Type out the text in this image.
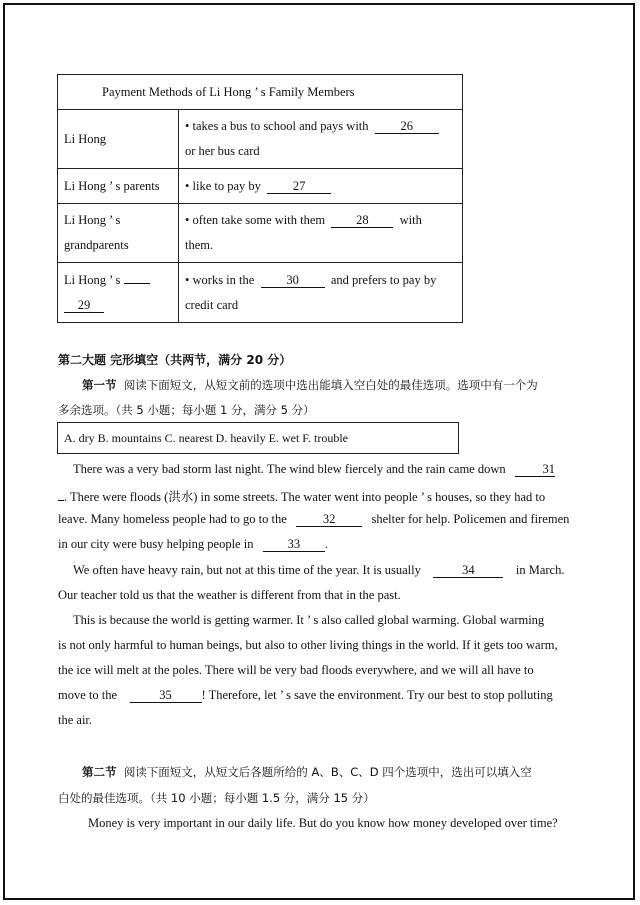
Payment Methods of Li Hong ’ s Family Members	
Li Hong	• takes a bus to school and pays with 26
or her bus card

Li Hong ’ s parents	• like to pay by 27

Li Hong ’ s
grandparents	• often take some with them 28 with
them.

Li Hong ’ s
29	• works in the 30 and prefers to pay by
credit card
第二大题 完形填空（共两节，满分 20 分）
第一节 阅读下面短文，从短文前的选项中选出能填入空白处的最佳选项。选项中有一个为
多余选项。（共 5 小题；每小题 1 分，满分 5 分）
A. dry B. mountains C. nearest D. heavily E. wet F. trouble
There was a very bad storm last night. The wind blew fiercely and the rain came down	31
. There were floods (洪水) in some streets. The water went into people ’ s houses, so they had to
leave. Many homeless people had to go to the	32	shelter for help. Policemen and firemen
in our city were busy helping people in	33 .
We often have heavy rain, but not at this time of the year. It is usually	34	in March.
Our teacher told us that the weather is different from that in the past.
This is because the world is getting warmer. It ’ s also called global warming. Global warming
is not only harmful to human beings, but also to other living things in the world. If it gets too warm,
the ice will melt at the poles. There will be very bad floods everywhere, and we will all have to
move to the	35 ! Therefore, let ’ s save the environment. Try our best to stop polluting
the air.
第二节 阅读下面短文，从短文后各题所给的 A、B、C、D 四个选项中，选出可以填入空
白处的最佳选项。（共 10 小题；每小题 1.5 分，满分 15 分）
Money is very important in our daily life. But do you know how money developed over time?
